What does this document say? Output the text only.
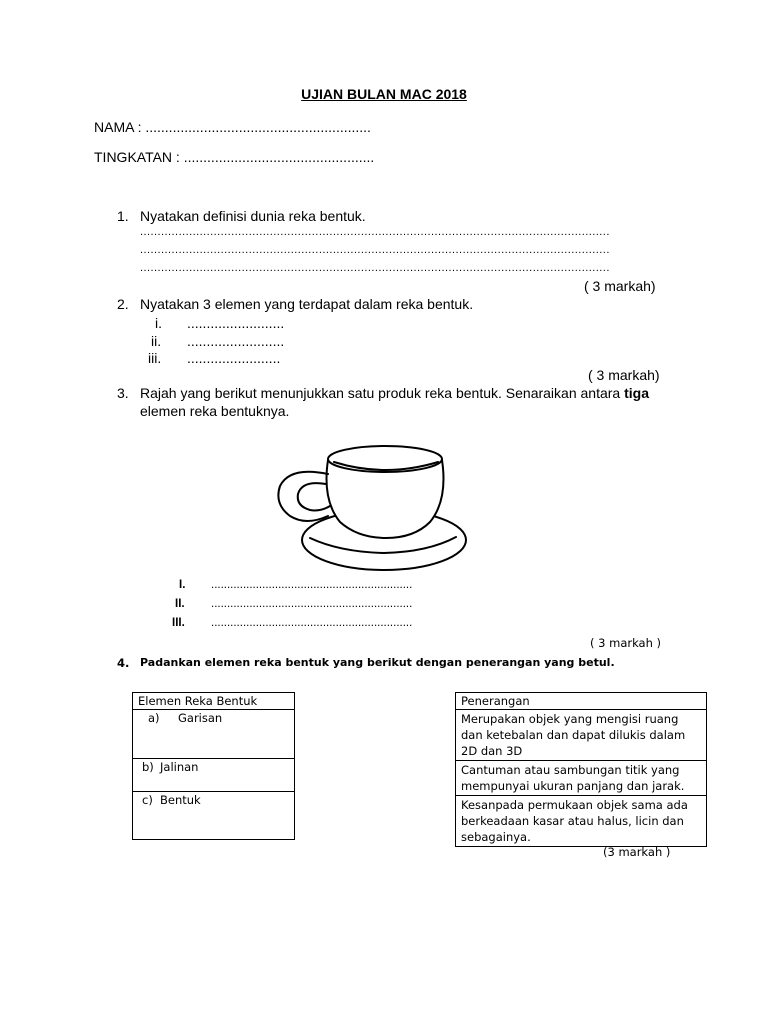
UJIAN BULAN MAC 2018
NAMA : ..........................................................
TINGKATAN : .................................................
1. Nyatakan definisi dunia reka bentuk.
......................................................................................................................................
......................................................................................................................................
......................................................................................................................................
( 3 markah)
2. Nyatakan 3 elemen yang terdapat dalam reka bentuk.
i. .........................
ii. .........................
iii. ........................
( 3 markah)
3. Rajah yang berikut menunjukkan satu produk reka bentuk. Senaraikan antara tiga
elemen reka bentuknya.
I. ...............................................................
II. ...............................................................
III. ...............................................................
( 3 markah )
4. Padankan elemen reka bentuk yang berikut dengan penerangan yang betul.
Elemen Reka Bentuk
a) Garisan
b) Jalinan
c) Bentuk
Penerangan
Merupakan objek yang mengisi ruang dan ketebalan dan dapat dilukis dalam 2D dan 3D
Cantuman atau sambungan titik yang mempunyai ukuran panjang dan jarak.
Kesanpada permukaan objek sama ada berkeadaan kasar atau halus, licin dan sebagainya.
(3 markah )
